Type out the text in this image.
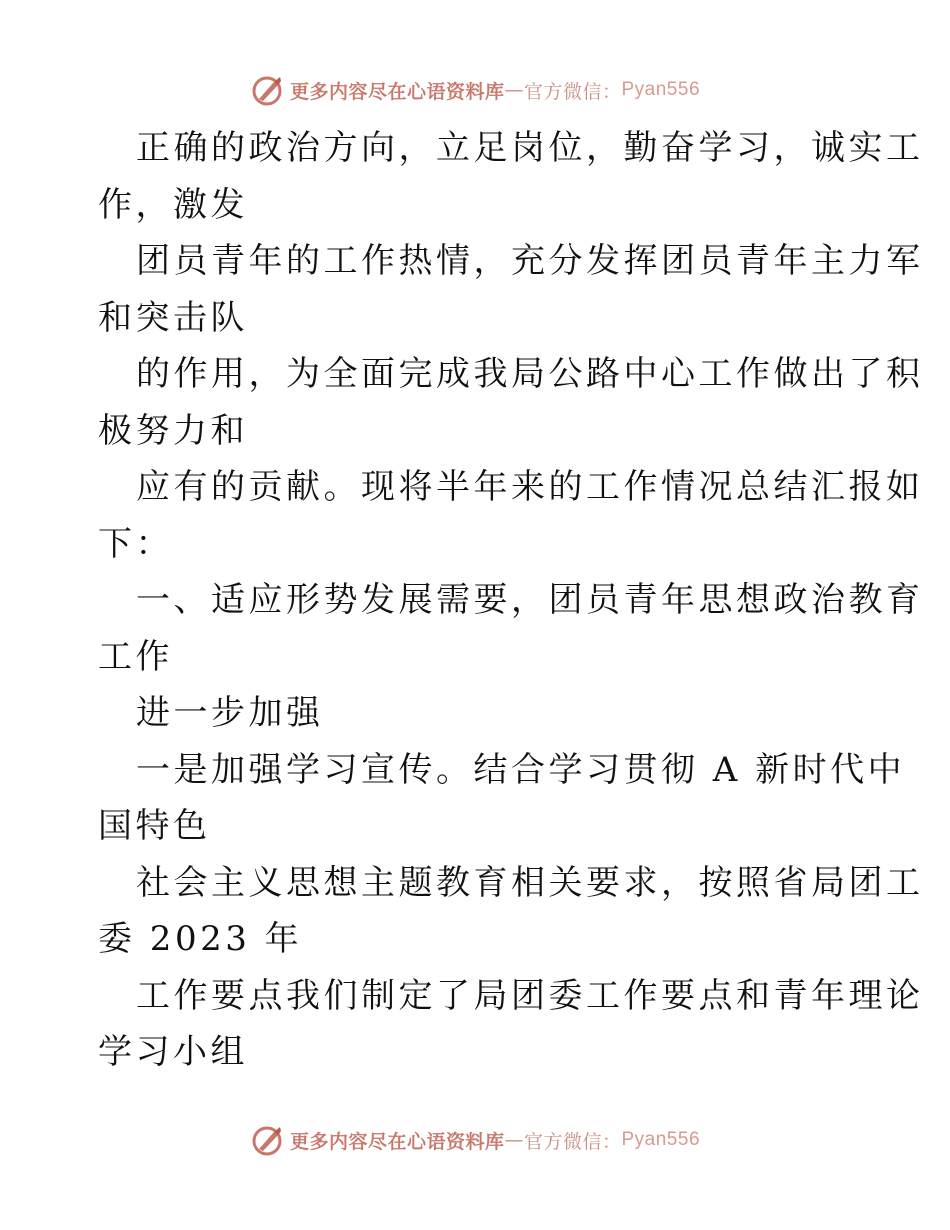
更多内容尽在心语资料库 — 官方微信： Pyan556
正确的政治方向，立足岗位，勤奋学习，诚实工
作，激发
团员青年的工作热情，充分发挥团员青年主力军
和突击队
的作用，为全面完成我局公路中心工作做出了积
极努力和
应有的贡献。现将半年来的工作情况总结汇报如
下：
一、适应形势发展需要，团员青年思想政治教育
工作
进一步加强
一是加强学习宣传。结合学习贯彻 A 新时代中
国特色
社会主义思想主题教育相关要求，按照省局团工
委 2023 年
工作要点我们制定了局团委工作要点和青年理论
学习小组
更多内容尽在心语资料库 — 官方微信： Pyan556
